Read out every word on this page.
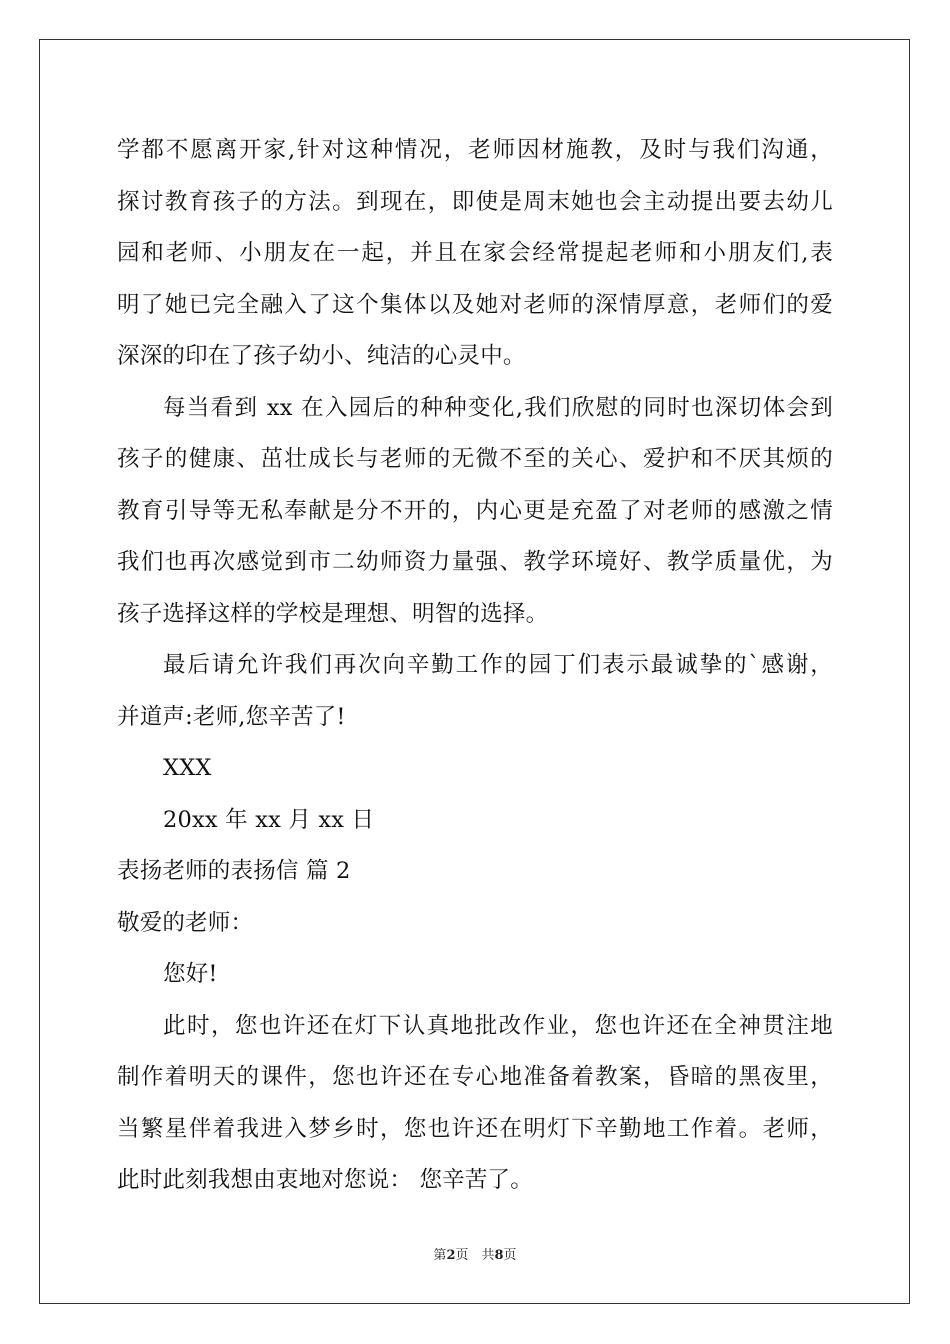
学都不愿离开家,针对这种情况，老师因材施教，及时与我们沟通，
探讨教育孩子的方法。到现在，即使是周末她也会主动提出要去幼儿
园和老师、小朋友在一起，并且在家会经常提起老师和小朋友们,表
明了她已完全融入了这个集体以及她对老师的深情厚意，老师们的爱
深深的印在了孩子幼小、纯洁的心灵中。
每当看到 xx 在入园后的种种变化,我们欣慰的同时也深切体会到
孩子的健康、茁壮成长与老师的无微不至的关心、爱护和不厌其烦的
教育引导等无私奉献是分不开的，内心更是充盈了对老师的感激之情
我们也再次感觉到市二幼师资力量强、教学环境好、教学质量优，为
孩子选择这样的学校是理想、明智的选择。
最后请允许我们再次向辛勤工作的园丁们表示最诚挚的`感谢，
并道声:老师,您辛苦了!
XXX
20xx 年 xx 月 xx 日
表扬老师的表扬信 篇 2
敬爱的老师：
您好!
此时，您也许还在灯下认真地批改作业，您也许还在全神贯注地
制作着明天的课件，您也许还在专心地准备着教案，昏暗的黑夜里，
当繁星伴着我进入梦乡时，您也许还在明灯下辛勤地工作着。老师，
此时此刻我想由衷地对您说： 您辛苦了。
第2页　共8页
